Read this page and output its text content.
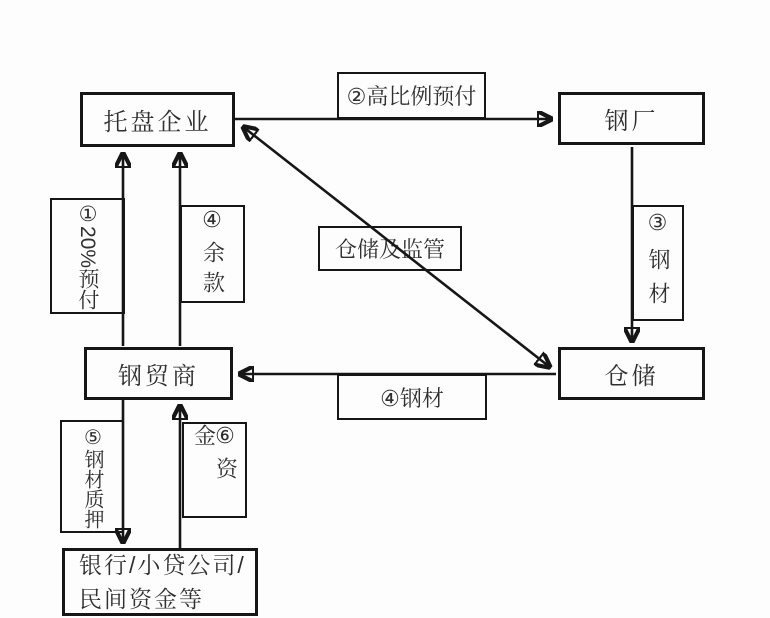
托盘企业	钢厂
钢贸商	仓储
银行/小贷公司/
民间资金等
②高比例预付
①20%预付	④余款	仓储及监管	③钢材
④钢材
⑤钢材质押	⑥资金
